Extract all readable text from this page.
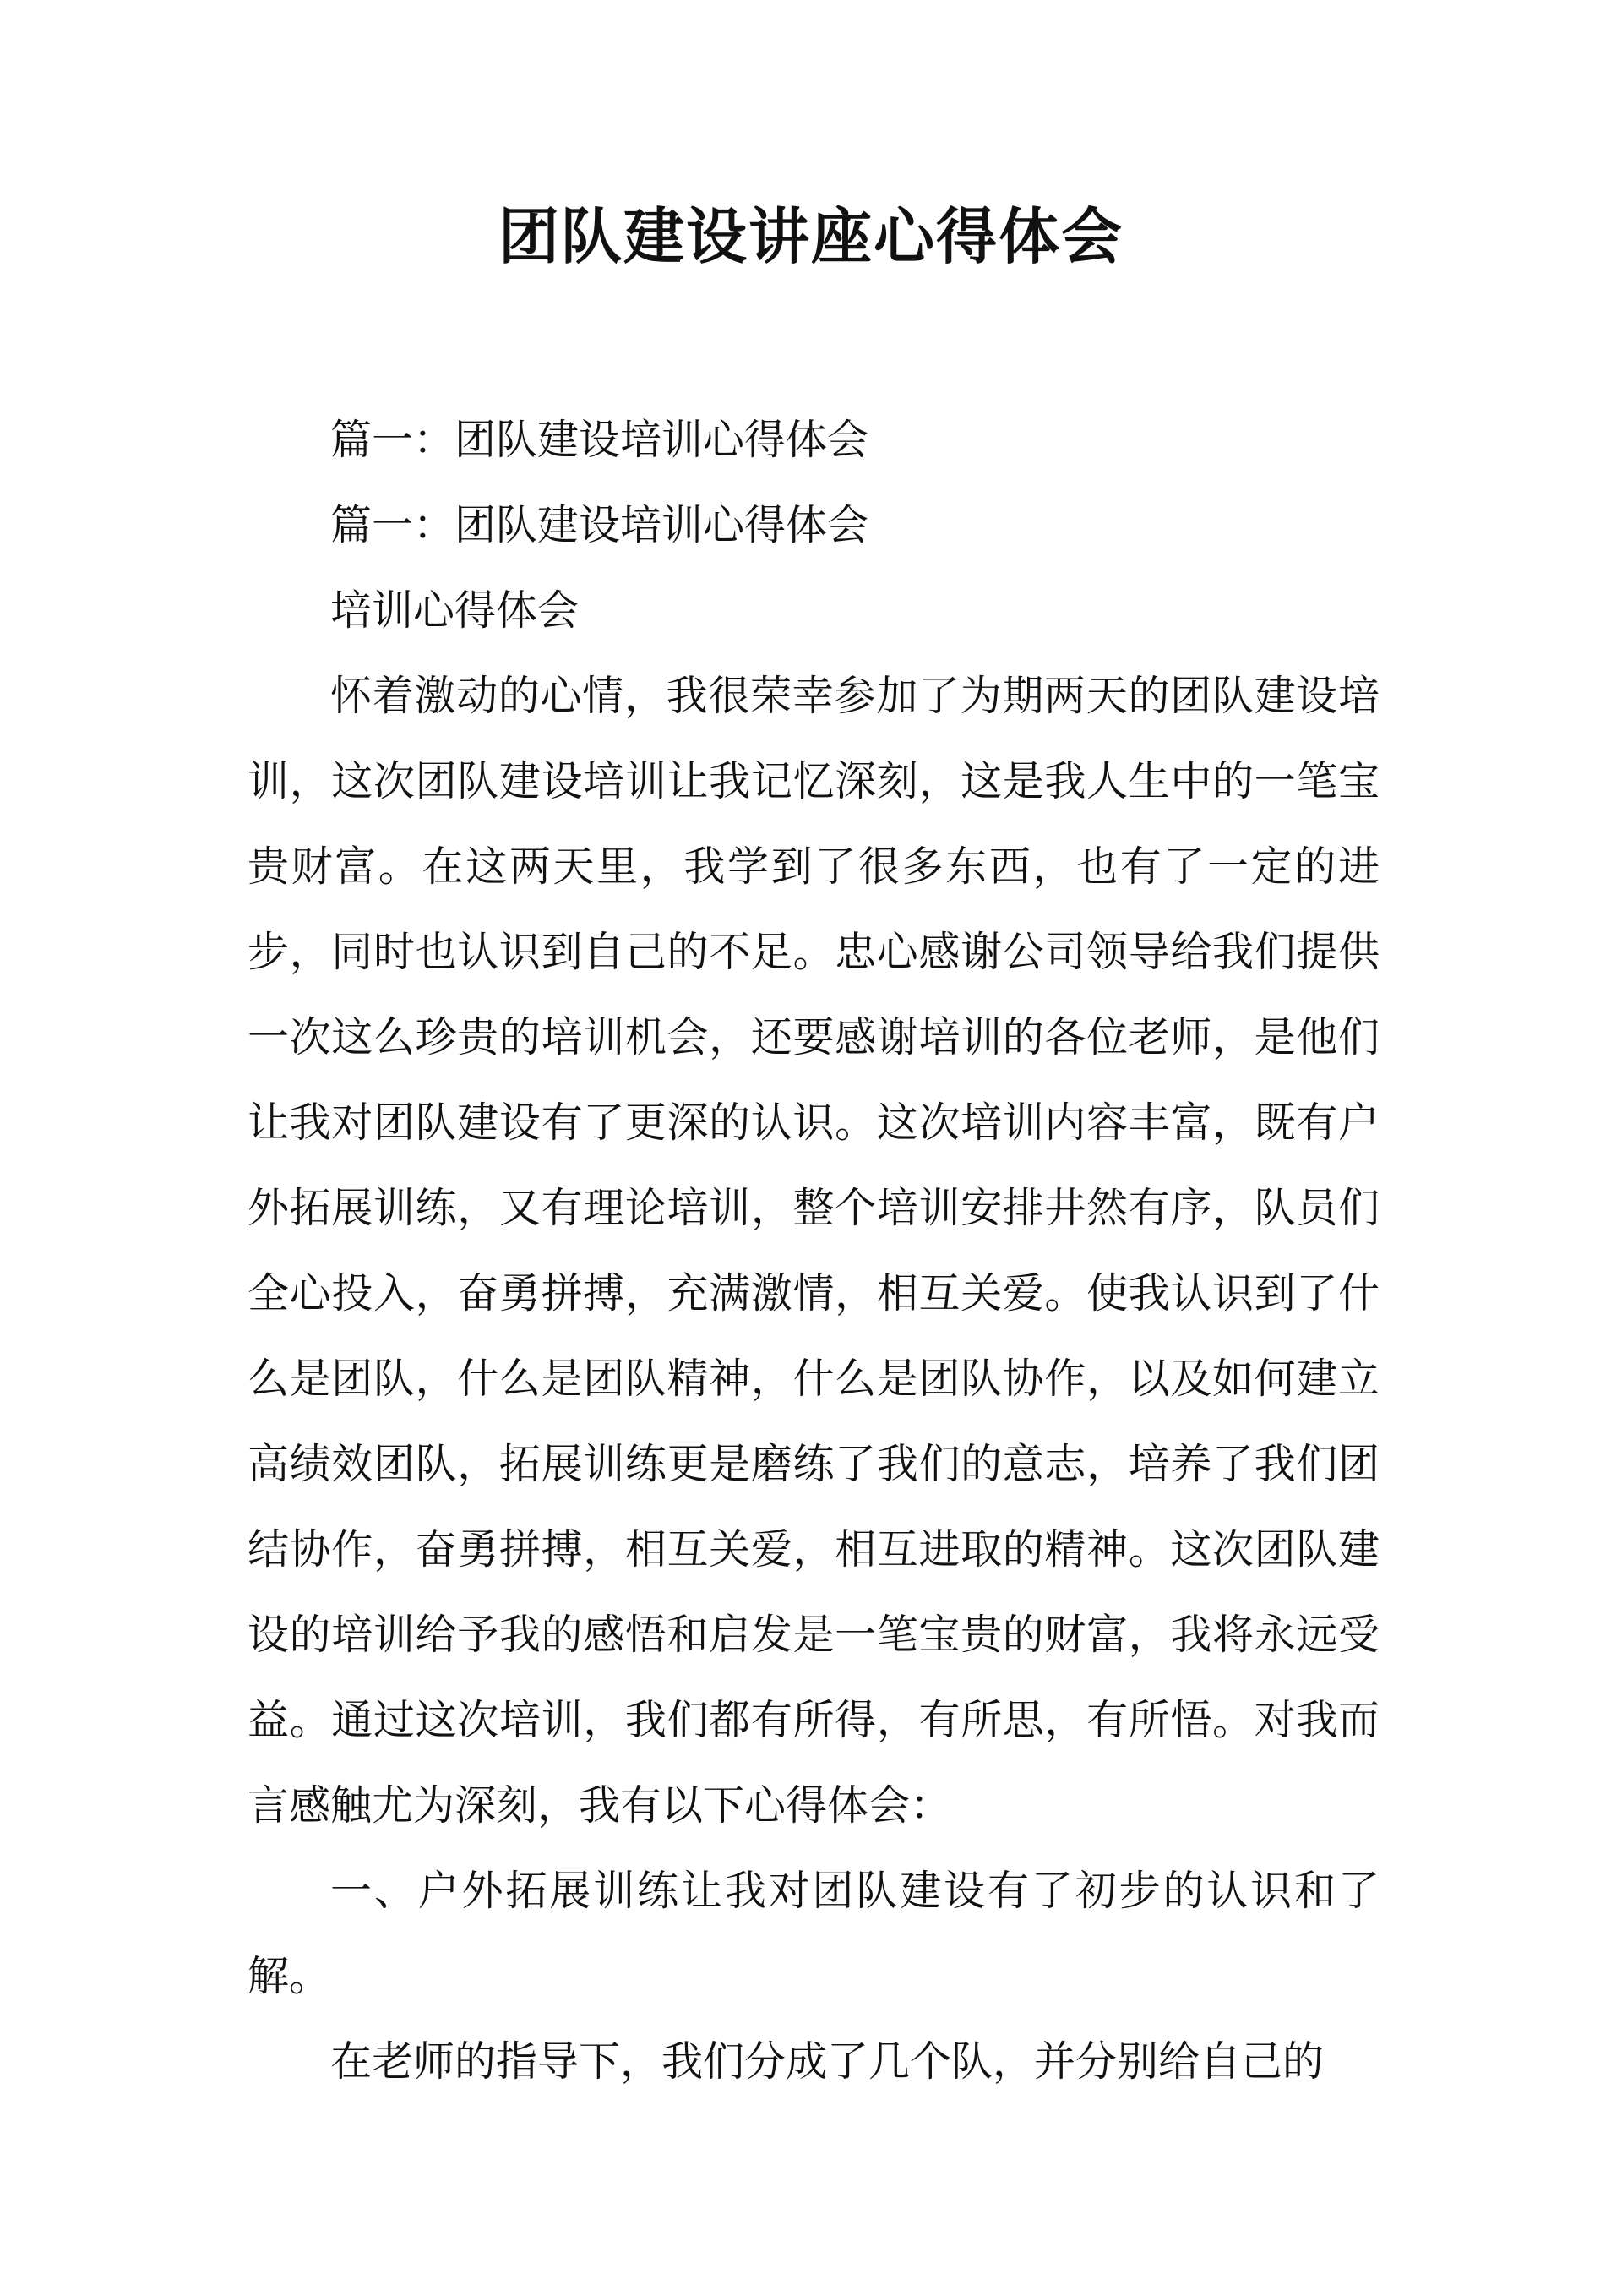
团队建设讲座心得体会

篇一：团队建设培训心得体会

篇一：团队建设培训心得体会

培训心得体会

怀着激动的心情，我很荣幸参加了为期两天的团队建设培训，这次团队建设培训让我记忆深刻，这是我人生中的一笔宝贵财富。在这两天里，我学到了很多东西，也有了一定的进步，同时也认识到自己的不足。忠心感谢公司领导给我们提供一次这么珍贵的培训机会，还要感谢培训的各位老师，是他们让我对团队建设有了更深的认识。这次培训内容丰富，既有户外拓展训练，又有理论培训，整个培训安排井然有序，队员们全心投入，奋勇拼搏，充满激情，相互关爱。使我认识到了什么是团队，什么是团队精神，什么是团队协作，以及如何建立高绩效团队，拓展训练更是磨练了我们的意志，培养了我们团结协作，奋勇拼搏，相互关爱，相互进取的精神。这次团队建设的培训给予我的感悟和启发是一笔宝贵的财富，我将永远受益。通过这次培训，我们都有所得，有所思，有所悟。对我而言感触尤为深刻，我有以下心得体会：

一、户外拓展训练让我对团队建设有了初步的认识和了解。

在老师的指导下，我们分成了几个队，并分别给自己的
